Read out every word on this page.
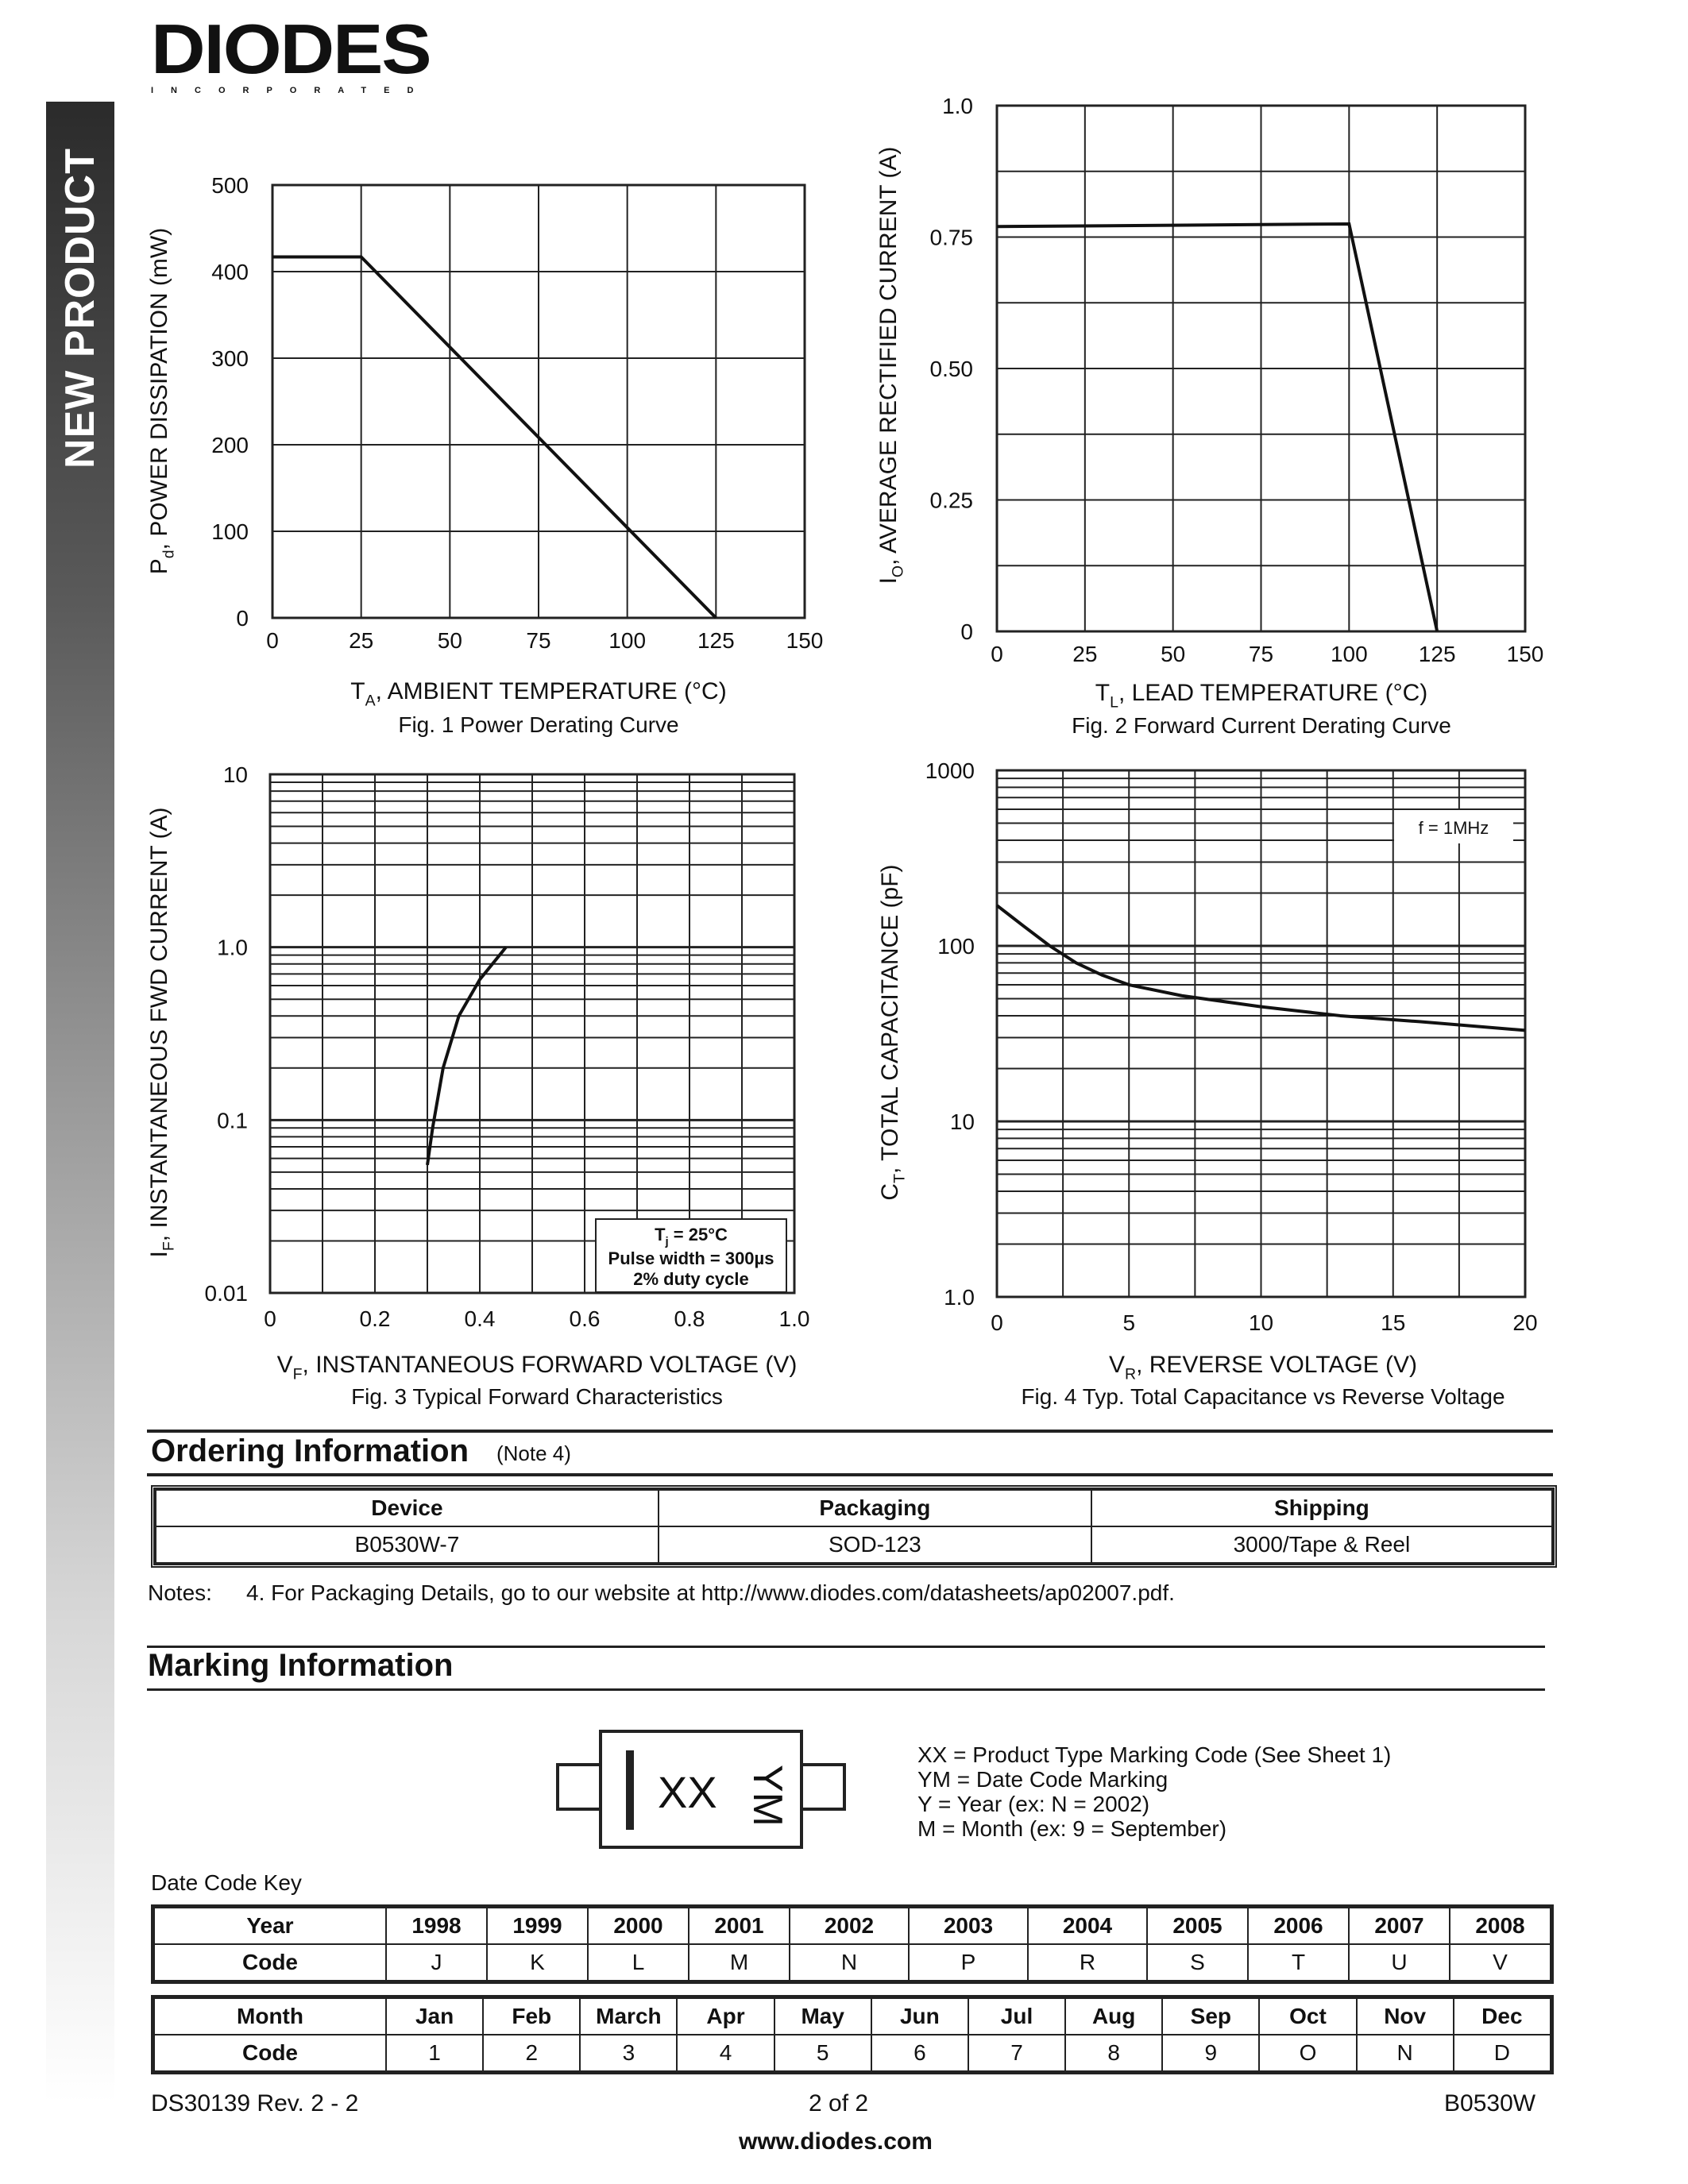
NEW PRODUCT
DIODES
INCORPORATED
0	25	50	75	100 125 150
0
100
200
300
400
500
$P_d$, POWER DISSIPATION (mW)
$T_A$, AMBIENT TEMPERATURE (°C)
Fig. 1 Power Derating Curve
0	25	50	75	100 125 150
0
0.25
0.50
0.75
1.0
$I_O$, AVERAGE RECTIFIED CURRENT (A)
$T_L$, LEAD TEMPERATURE (°C)
Fig. 2 Forward Current Derating Curve
0.01
0.1
1.0
10
0	0.2	0.4	0.6	0.8	1.0
$I_F$, INSTANTANEOUS FWD CURRENT (A)
$V_F$, INSTANTANEOUS FORWARD VOLTAGE (V)
Fig. 3 Typical Forward Characteristics
$T_j = 25^\circ C$
Pulse width = 300µs
2% duty cycle
1.0
10
100
1000
0	5	10	15	20
$C_T$, TOTAL CAPACITANCE (pF)
$V_R$, REVERSE VOLTAGE (V)
Fig. 4 Typ. Total Capacitance vs Reverse Voltage
f = 1MHz
Ordering Information (Note 4)
Device	Packaging	Shipping
B0530W-7	SOD-123	3000/Tape & Reel
Notes: 4. For Packaging Details, go to our website at http://www.diodes.com/datasheets/ap02007.pdf.
Marking Information
XX YM
XX = Product Type Marking Code (See Sheet 1)
YM = Date Code Marking
Y = Year (ex: N = 2002)
M = Month (ex: 9 = September)
Date Code Key
Year	1998	1999	2000	2001	2002	2003	2004	2005	2006	2007	2008
Code	J	K	L	M	N	P	R	S	T	U	V
Month	Jan	Feb	March	Apr	May	Jun	Jul	Aug	Sep	Oct	Nov	Dec
Code	1	2	3	4	5	6	7	8	9	O	N	D
DS30139 Rev. 2 - 2	2 of 2	B0530W
www.diodes.com
